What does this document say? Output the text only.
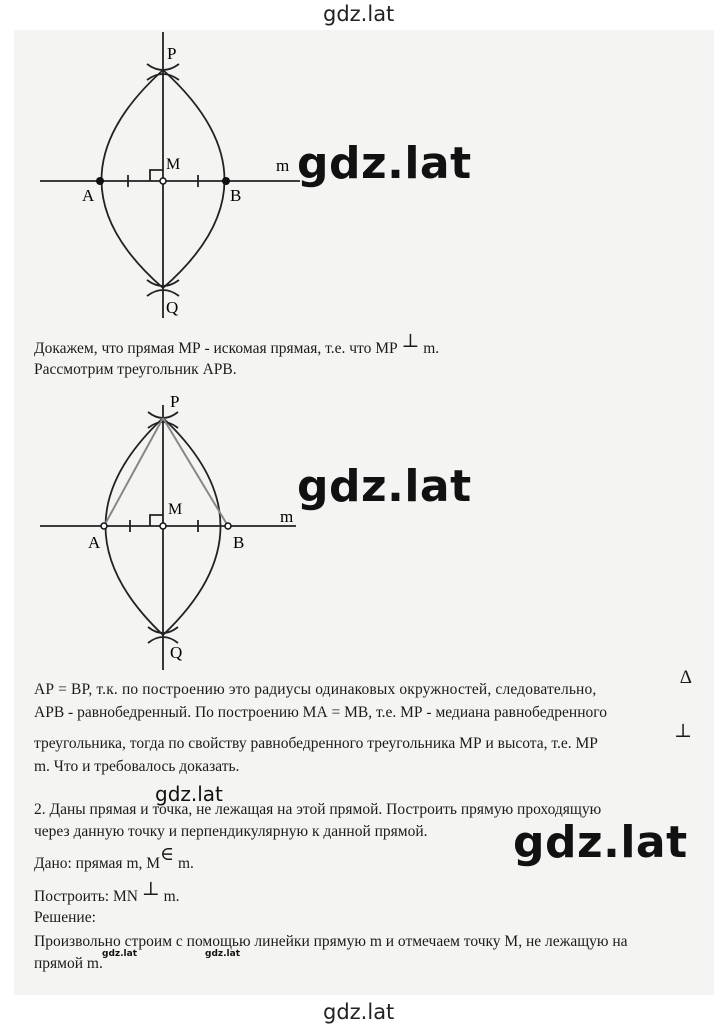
P
M	m
A	B
Q
P
M	m
A	B
Q
Докажем, что прямая МР - искомая прямая, т.е. что МР ⊥ m.
Рассмотрим треугольник АРВ.
АР = ВР, т.к. по построению это радиусы одинаковых окружностей, следовательно,
Δ
АРВ - равнобедренный. По построению МА = МВ, т.е. МР - медиана равнобедренного
треугольника, тогда по свойству равнобедренного треугольника МР и высота, т.е. МР
⊥
m. Что и требовалось доказать.
2. Даны прямая и точка, не лежащая на этой прямой. Построить прямую проходящую
через данную точку и перпендикулярную к данной прямой.
Дано: прямая m, M∈ m.
Построить: MN ⊥ m.
Решение:
Произвольно строим с помощью линейки прямую m и отмечаем точку М, не лежащую на
прямой m.
gdz.lat
gdz.lat
gdz.lat
gdz.lat
gdz.lat
gdz.lat	gdz.lat
gdz.lat
